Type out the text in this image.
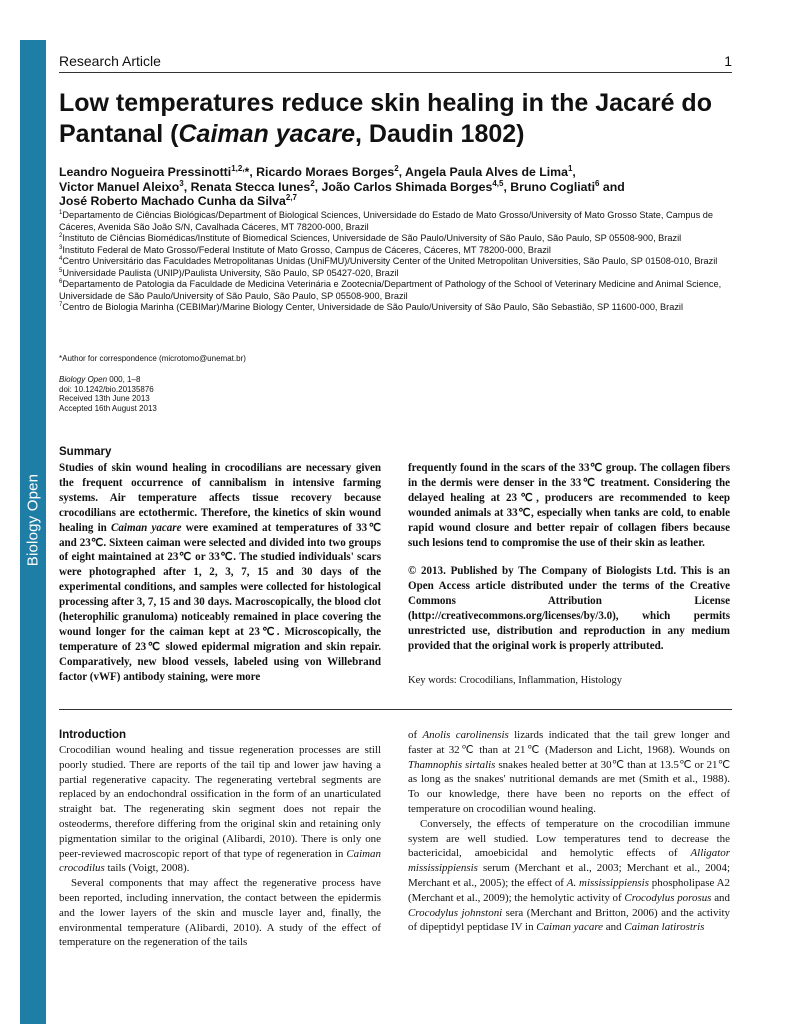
Biology Open
Research Article	1
Low temperatures reduce skin healing in the Jacaré do Pantanal (Caiman yacare, Daudin 1802)
Leandro Nogueira Pressinotti$^{1,2,}$*, Ricardo Moraes Borges$^2$, Angela Paula Alves de Lima$^1$,
Victor Manuel Aleixo$^3$, Renata Stecca Iunes$^2$, João Carlos Shimada Borges$^{4,5}$, Bruno Cogliati$^6$ and
José Roberto Machado Cunha da Silva$^{2,7}$
$^1$Departamento de Ciências Biológicas/Department of Biological Sciences, Universidade do Estado de Mato Grosso/University of Mato Grosso State, Campus de Cáceres, Avenida São João S/N, Cavalhada Cáceres, MT 78200-000, Brazil
$^2$Instituto de Ciências Biomédicas/Institute of Biomedical Sciences, Universidade de São Paulo/University of São Paulo, São Paulo, SP 05508-900, Brazil
$^3$Instituto Federal de Mato Grosso/Federal Institute of Mato Grosso, Campus de Cáceres, Cáceres, MT 78200-000, Brazil
$^4$Centro Universitário das Faculdades Metropolitanas Unidas (UniFMU)/University Center of the United Metropolitan Universities, São Paulo, SP 01508-010, Brazil
$^5$Universidade Paulista (UNIP)/Paulista University, São Paulo, SP 05427-020, Brazil
$^6$Departamento de Patologia da Faculdade de Medicina Veterinária e Zootecnia/Department of Pathology of the School of Veterinary Medicine and Animal Science, Universidade de São Paulo/University of São Paulo, São Paulo, SP 05508-900, Brazil
$^7$Centro de Biologia Marinha (CEBIMar)/Marine Biology Center, Universidade de São Paulo/University of São Paulo, São Sebastião, SP 11600-000, Brazil
*Author for correspondence (microtomo@unemat.br)
Biology Open 000, 1–8
doi: 10.1242/bio.20135876
Received 13th June 2013
Accepted 16th August 2013
Summary
Studies of skin wound healing in crocodilians are necessary given the frequent occurrence of cannibalism in intensive farming systems. Air temperature affects tissue recovery because crocodilians are ectothermic. Therefore, the kinetics of skin wound healing in Caiman yacare were examined at temperatures of 33℃ and 23℃. Sixteen caiman were selected and divided into two groups of eight maintained at 23℃ or 33℃. The studied individuals' scars were photographed after 1, 2, 3, 7, 15 and 30 days of the experimental conditions, and samples were collected for histological processing after 3, 7, 15 and 30 days. Macroscopically, the blood clot (heterophilic granuloma) noticeably remained in place covering the wound longer for the caiman kept at 23℃. Microscopically, the temperature of 23℃ slowed epidermal migration and skin repair. Comparatively, new blood vessels, labeled using von Willebrand factor (vWF) antibody staining, were more

frequently found in the scars of the 33℃ group. The collagen fibers in the dermis were denser in the 33℃ treatment. Considering the delayed healing at 23℃, producers are recommended to keep wounded animals at 33℃, especially when tanks are cold, to enable rapid wound closure and better repair of collagen fibers because such lesions tend to compromise the use of their skin as leather.

© 2013. Published by The Company of Biologists Ltd. This is an Open Access article distributed under the terms of the Creative Commons Attribution License (http://creativecommons.org/licenses/by/3.0), which permits unrestricted use, distribution and reproduction in any medium provided that the original work is properly attributed.

Key words: Crocodilians, Inflammation, Histology
Introduction

Crocodilian wound healing and tissue regeneration processes are still poorly studied. There are reports of the tail tip and lower jaw having a partial regenerative capacity. The regenerating vertebral segments are replaced by an endochondral ossification in the form of an unarticulated straight bat. The regenerating skin segment does not repair the osteoderms, therefore differing from the original skin and retaining only pigmentation similar to the original (Alibardi, 2010). There is only one peer-reviewed macroscopic report of that type of regeneration in Caiman crocodilus tails (Voigt, 2008).

Several components that may affect the regenerative process have been reported, including innervation, the contact between the epidermis and the lower layers of the skin and muscle layer and, finally, the environmental temperature (Alibardi, 2010). A study of the effect of temperature on the regeneration of the tails

of Anolis carolinensis lizards indicated that the tail grew longer and faster at 32℃ than at 21℃ (Maderson and Licht, 1968). Wounds on Thamnophis sirtalis snakes healed better at 30℃ than at 13.5℃ or 21℃ as long as the snakes' nutritional demands are met (Smith et al., 1988). To our knowledge, there have been no reports on the effect of temperature on crocodilian wound healing.

Conversely, the effects of temperature on the crocodilian immune system are well studied. Low temperatures tend to decrease the bactericidal, amoebicidal and hemolytic effects of Alligator mississippiensis serum (Merchant et al., 2003; Merchant et al., 2004; Merchant et al., 2005); the effect of A. mississippiensis phospholipase A2 (Merchant et al., 2009); the hemolytic activity of Crocodylus porosus and Crocodylus johnstoni sera (Merchant and Britton, 2006) and the activity of dipeptidyl peptidase IV in Caiman yacare and Caiman latirostris
